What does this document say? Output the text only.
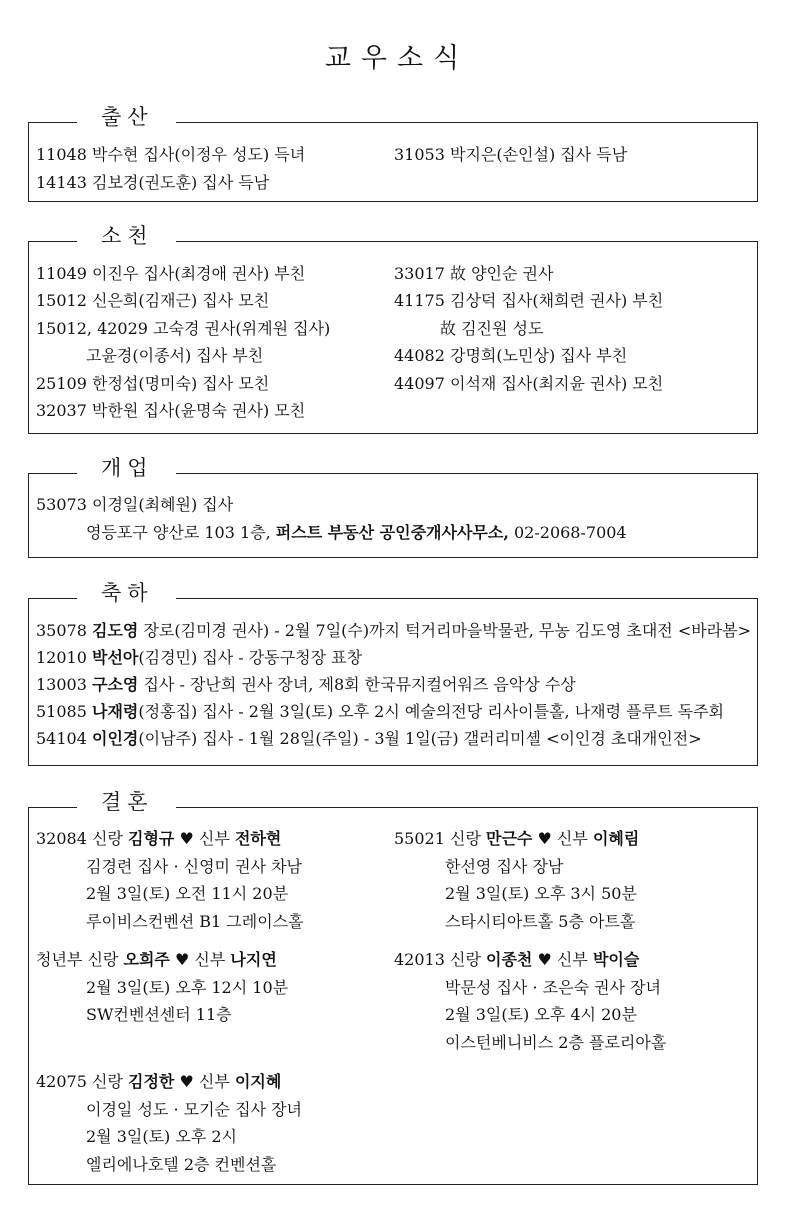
교우소식
출산
11048 박수현 집사(이정우 성도) 득녀
14143 김보경(권도훈) 집사 득남
31053 박지은(손인설) 집사 득남
소천
11049 이진우 집사(최경애 권사) 부친
15012 신은희(김재근) 집사 모친
15012, 42029 고숙경 권사(위계원 집사)
고윤경(이종서) 집사 부친
25109 한정섭(명미숙) 집사 모친
32037 박한원 집사(윤명숙 권사) 모친
33017 故 양인순 권사
41175 김상덕 집사(채희련 권사) 부친
故 김진원 성도
44082 강명희(노민상) 집사 부친
44097 이석재 집사(최지윤 권사) 모친
개업
53073 이경일(최혜원) 집사
영등포구 양산로 103 1층, 퍼스트 부동산 공인중개사사무소, 02-2068-7004
축하
35078 김도영 장로(김미경 권사) - 2월 7일(수)까지 턱거리마을박물관, 무농 김도영 초대전 <바라봄>
12010 박선아(김경민) 집사 - 강동구청장 표창
13003 구소영 집사 - 장난희 권사 장녀, 제8회 한국뮤지컬어워즈 음악상 수상
51085 나재령(정홍집) 집사 - 2월 3일(토) 오후 2시 예술의전당 리사이틀홀, 나재령 플루트 독주회
54104 이인경(이남주) 집사 - 1월 28일(주일) - 3월 1일(금) 갤러리미셸 <이인경 초대개인전>
결혼
32084 신랑 김형규 ♥ 신부 전하현
김경련 집사 · 신영미 권사 차남
2월 3일(토) 오전 11시 20분
루이비스컨벤션 B1 그레이스홀
55021 신랑 만근수 ♥ 신부 이혜림
한선영 집사 장남
2월 3일(토) 오후 3시 50분
스타시티아트홀 5층 아트홀
청년부 신랑 오희주 ♥ 신부 나지연
2월 3일(토) 오후 12시 10분
SW컨벤션센터 11층
42013 신랑 이종천 ♥ 신부 박이슬
박문성 집사 · 조은숙 권사 장녀
2월 3일(토) 오후 4시 20분
이스턴베니비스 2층 플로리아홀
42075 신랑 김정한 ♥ 신부 이지혜
이경일 성도 · 모기순 집사 장녀
2월 3일(토) 오후 2시
엘리에나호텔 2층 컨벤션홀
